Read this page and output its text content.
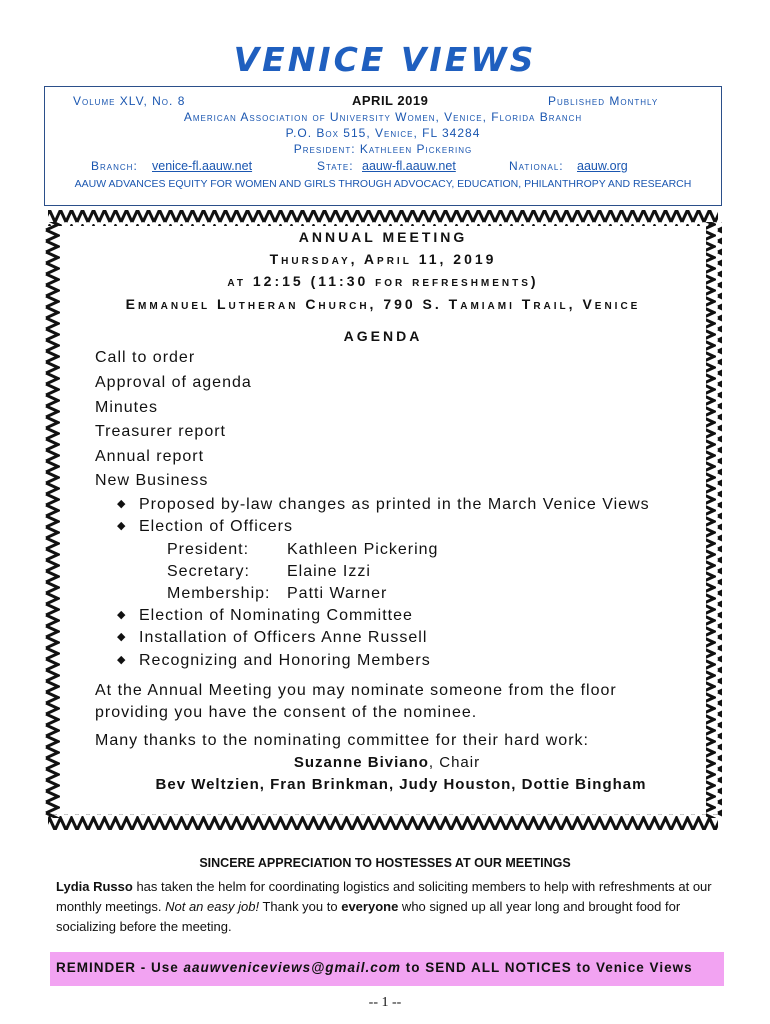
VENICE VIEWS
Volume XLV, No. 8	APRIL 2019	Published Monthly
American Association of University Women, Venice, Florida Branch
P.O. Box 515, Venice, FL 34284
President: Kathleen Pickering
Branch: venice-fl.aauw.net	State: aauw-fl.aauw.net	National: aauw.org
AAUW ADVANCES EQUITY FOR WOMEN AND GIRLS THROUGH ADVOCACY, EDUCATION, PHILANTHROPY AND RESEARCH
ANNUAL MEETING
Thursday, April 11, 2019
at 12:15 (11:30 for refreshments)
Emmanuel Lutheran Church, 790 S. Tamiami Trail, Venice
AGENDA
Call to order
Approval of agenda
Minutes
Treasurer report
Annual report
New Business
◆ Proposed by-law changes as printed in the March Venice Views
◆ Election of Officers
President: Kathleen Pickering
Secretary: Elaine Izzi
Membership: Patti Warner
◆ Election of Nominating Committee
◆ Installation of Officers Anne Russell
◆ Recognizing and Honoring Members
At the Annual Meeting you may nominate someone from the floor
providing you have the consent of the nominee.
Many thanks to the nominating committee for their hard work:
Suzanne Biviano, Chair
Bev Weltzien, Fran Brinkman, Judy Houston, Dottie Bingham
SINCERE APPRECIATION TO HOSTESSES AT OUR MEETINGS
Lydia Russo has taken the helm for coordinating logistics and soliciting members to help with refreshments at our monthly meetings. Not an easy job! Thank you to everyone who signed up all year long and brought food for socializing before the meeting.
REMINDER - Use aauwveniceviews@gmail.com to SEND ALL NOTICES to Venice Views
-- 1 --
